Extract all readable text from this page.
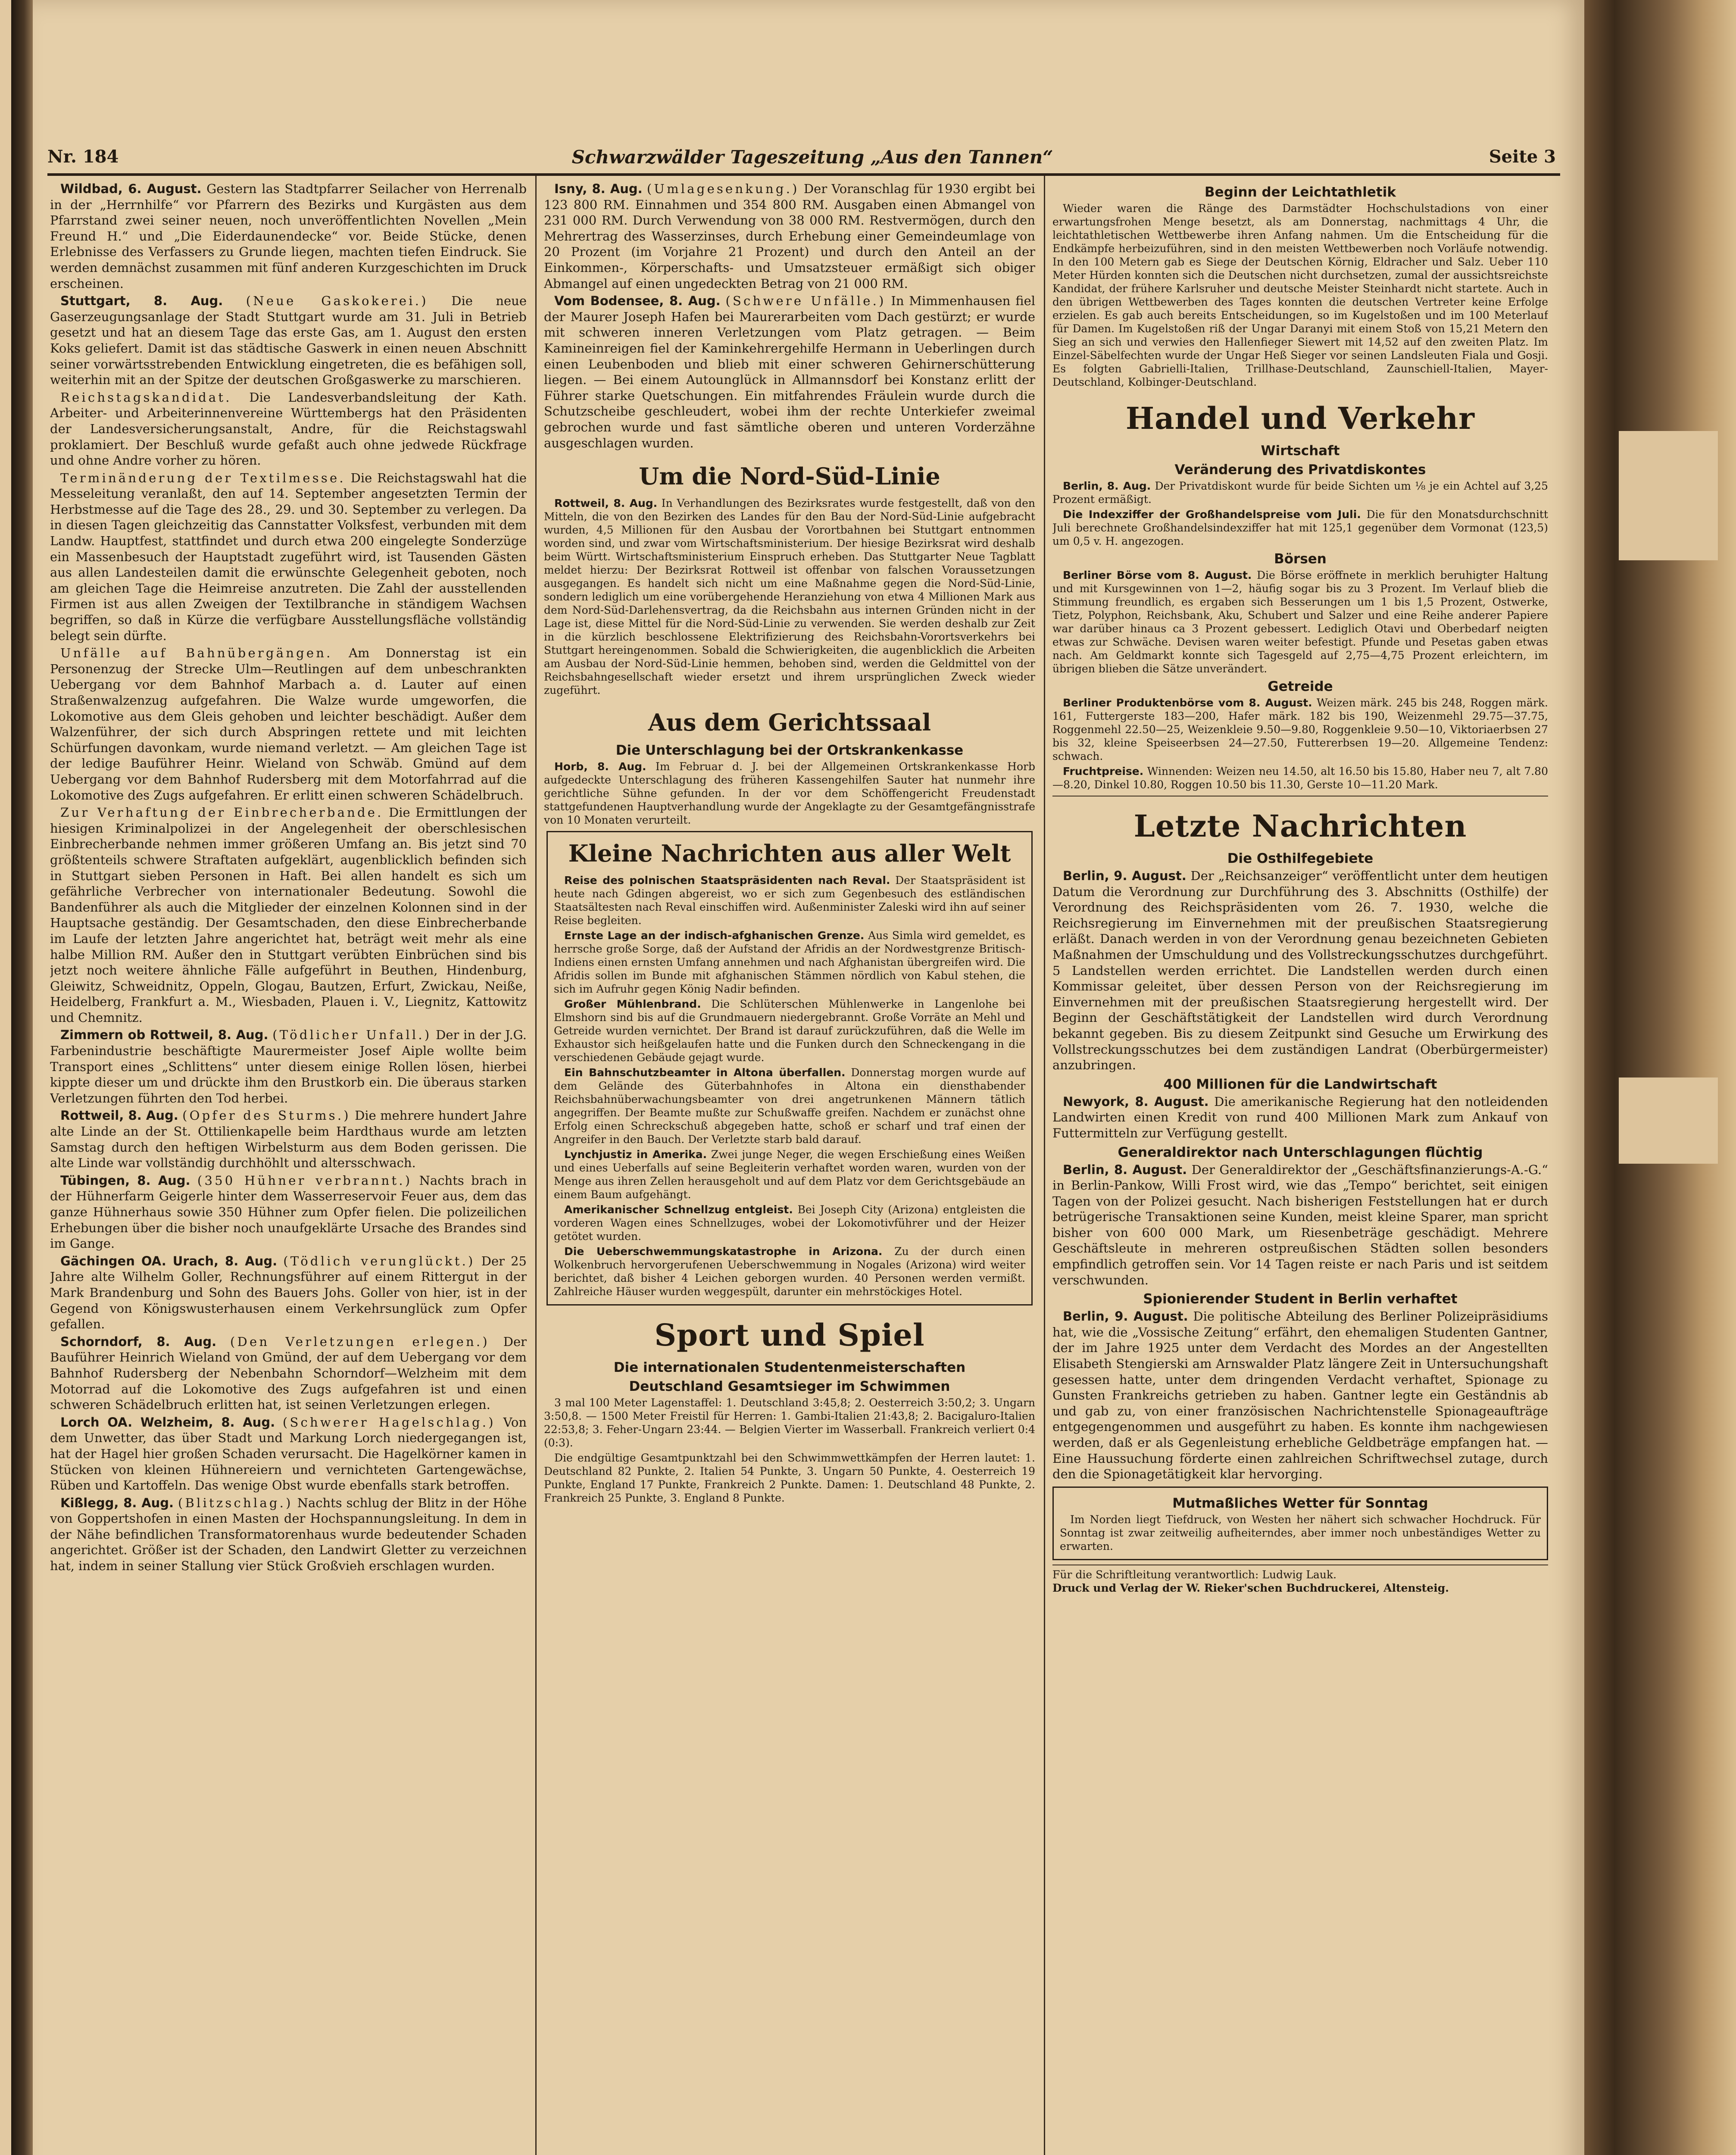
Nr. 184	Schwarzwälder Tageszeitung „Aus den Tannen“	Seite 3

Wildbad, 6. August. Gestern las Stadtpfarrer Seilacher von Herrenalb in der „Herrnhilfe“ vor Pfarrern des Bezirks und Kurgästen aus dem Pfarrstand zwei seiner neuen, noch unveröffentlichten Novellen „Mein Freund H.“ und „Die Eiderdaunendecke“ vor. Beide Stücke, denen Erlebnisse des Verfassers zu Grunde liegen, machten tiefen Eindruck. Sie werden demnächst zusammen mit fünf anderen Kurzgeschichten im Druck erscheinen.

Stuttgart, 8. Aug. (Neue Gaskokerei.) Die neue Gaserzeugungsanlage der Stadt Stuttgart wurde am 31. Juli in Betrieb gesetzt und hat an diesem Tage das erste Gas, am 1. August den ersten Koks geliefert. Damit ist das städtische Gaswerk in einen neuen Abschnitt seiner vorwärtsstrebenden Entwicklung eingetreten, die es befähigen soll, weiterhin mit an der Spitze der deutschen Großgaswerke zu marschieren.

Reichstagskandidat. Die Landesverbandsleitung der Kath. Arbeiter- und Arbeiterinnenvereine Württembergs hat den Präsidenten der Landesversicherungsanstalt, Andre, für die Reichstagswahl proklamiert. Der Beschluß wurde gefaßt auch ohne jedwede Rückfrage und ohne Andre vorher zu hören.

Terminänderung der Textilmesse. Die Reichstagswahl hat die Messeleitung veranlaßt, den auf 14. September angesetzten Termin der Herbstmesse auf die Tage des 28., 29. und 30. September zu verlegen. Da in diesen Tagen gleichzeitig das Cannstatter Volksfest, verbunden mit dem Landw. Hauptfest, stattfindet und durch etwa 200 eingelegte Sonderzüge ein Massenbesuch der Hauptstadt zugeführt wird, ist Tausenden Gästen aus allen Landesteilen damit die erwünschte Gelegenheit geboten, noch am gleichen Tage die Heimreise anzutreten. Die Zahl der ausstellenden Firmen ist aus allen Zweigen der Textilbranche in ständigem Wachsen begriffen, so daß in Kürze die verfügbare Ausstellungsfläche vollständig belegt sein dürfte.

Unfälle auf Bahnübergängen. Am Donnerstag ist ein Personenzug der Strecke Ulm—Reutlingen auf dem unbeschrankten Uebergang vor dem Bahnhof Marbach a. d. Lauter auf einen Straßenwalzenzug aufgefahren. Die Walze wurde umgeworfen, die Lokomotive aus dem Gleis gehoben und leichter beschädigt. Außer dem Walzenführer, der sich durch Abspringen rettete und mit leichten Schürfungen davonkam, wurde niemand verletzt. — Am gleichen Tage ist der ledige Bauführer Heinr. Wieland von Schwäb. Gmünd auf dem Uebergang vor dem Bahnhof Rudersberg mit dem Motorfahrrad auf die Lokomotive des Zugs aufgefahren. Er erlitt einen schweren Schädelbruch.

Zur Verhaftung der Einbrecherbande. Die Ermittlungen der hiesigen Kriminalpolizei in der Angelegenheit der oberschlesischen Einbrecherbande nehmen immer größeren Umfang an. Bis jetzt sind 70 größtenteils schwere Straftaten aufgeklärt, augenblicklich befinden sich in Stuttgart sieben Personen in Haft. Bei allen handelt es sich um gefährliche Verbrecher von internationaler Bedeutung. Sowohl die Bandenführer als auch die Mitglieder der einzelnen Kolonnen sind in der Hauptsache geständig. Der Gesamtschaden, den diese Einbrecherbande im Laufe der letzten Jahre angerichtet hat, beträgt weit mehr als eine halbe Million RM. Außer den in Stuttgart verübten Einbrüchen sind bis jetzt noch weitere ähnliche Fälle aufgeführt in Beuthen, Hindenburg, Gleiwitz, Schweidnitz, Oppeln, Glogau, Bautzen, Erfurt, Zwickau, Neiße, Heidelberg, Frankfurt a. M., Wiesbaden, Plauen i. V., Liegnitz, Kattowitz und Chemnitz.

Zimmern ob Rottweil, 8. Aug. (Tödlicher Unfall.) Der in der J.G. Farbenindustrie beschäftigte Maurermeister Josef Aiple wollte beim Transport eines „Schlittens“ unter diesem einige Rollen lösen, hierbei kippte dieser um und drückte ihm den Brustkorb ein. Die überaus starken Verletzungen führten den Tod herbei.

Rottweil, 8. Aug. (Opfer des Sturms.) Die mehrere hundert Jahre alte Linde an der St. Ottilienkapelle beim Hardthaus wurde am letzten Samstag durch den heftigen Wirbelsturm aus dem Boden gerissen. Die alte Linde war vollständig durchhöhlt und altersschwach.

Tübingen, 8. Aug. (350 Hühner verbrannt.) Nachts brach in der Hühnerfarm Geigerle hinter dem Wasserreservoir Feuer aus, dem das ganze Hühnerhaus sowie 350 Hühner zum Opfer fielen. Die polizeilichen Erhebungen über die bisher noch unaufgeklärte Ursache des Brandes sind im Gange.

Gächingen OA. Urach, 8. Aug. (Tödlich verunglückt.) Der 25 Jahre alte Wilhelm Goller, Rechnungsführer auf einem Rittergut in der Mark Brandenburg und Sohn des Bauers Johs. Goller von hier, ist in der Gegend von Königswusterhausen einem Verkehrsunglück zum Opfer gefallen.

Schorndorf, 8. Aug. (Den Verletzungen erlegen.) Der Bauführer Heinrich Wieland von Gmünd, der auf dem Uebergang vor dem Bahnhof Rudersberg der Nebenbahn Schorndorf—Welzheim mit dem Motorrad auf die Lokomotive des Zugs aufgefahren ist und einen schweren Schädelbruch erlitten hat, ist seinen Verletzungen erlegen.

Lorch OA. Welzheim, 8. Aug. (Schwerer Hagelschlag.) Von dem Unwetter, das über Stadt und Markung Lorch niedergegangen ist, hat der Hagel hier großen Schaden verursacht. Die Hagelkörner kamen in Stücken von kleinen Hühnereiern und vernichteten Gartengewächse, Rüben und Kartoffeln. Das wenige Obst wurde ebenfalls stark betroffen.

Kißlegg, 8. Aug. (Blitzschlag.) Nachts schlug der Blitz in der Höhe von Goppertshofen in einen Masten der Hochspannungsleitung. In dem in der Nähe befindlichen Transformatorenhaus wurde bedeutender Schaden angerichtet. Größer ist der Schaden, den Landwirt Gletter zu verzeichnen hat, indem in seiner Stallung vier Stück Großvieh erschlagen wurden.

Isny, 8. Aug. (Umlagesenkung.) Der Voranschlag für 1930 ergibt bei 123 800 RM. Einnahmen und 354 800 RM. Ausgaben einen Abmangel von 231 000 RM. Durch Verwendung von 38 000 RM. Restvermögen, durch den Mehrertrag des Wasserzinses, durch Erhebung einer Gemeindeumlage von 20 Prozent (im Vorjahre 21 Prozent) und durch den Anteil an der Einkommen-, Körperschafts- und Umsatzsteuer ermäßigt sich obiger Abmangel auf einen ungedeckten Betrag von 21 000 RM.

Vom Bodensee, 8. Aug. (Schwere Unfälle.) In Mimmenhausen fiel der Maurer Joseph Hafen bei Maurerarbeiten vom Dach gestürzt; er wurde mit schweren inneren Verletzungen vom Platz getragen. — Beim Kamineinreigen fiel der Kaminkehrergehilfe Hermann in Ueberlingen durch einen Leubenboden und blieb mit einer schweren Gehirnerschütterung liegen. — Bei einem Autounglück in Allmannsdorf bei Konstanz erlitt der Führer starke Quetschungen. Ein mitfahrendes Fräulein wurde durch die Schutzscheibe geschleudert, wobei ihm der rechte Unterkiefer zweimal gebrochen wurde und fast sämtliche oberen und unteren Vorderzähne ausgeschlagen wurden.

Um die Nord-Süd-Linie

Rottweil, 8. Aug. In Verhandlungen des Bezirksrates wurde festgestellt, daß von den Mitteln, die von den Bezirken des Landes für den Bau der Nord-Süd-Linie aufgebracht wurden, 4,5 Millionen für den Ausbau der Vorortbahnen bei Stuttgart entnommen worden sind, und zwar vom Wirtschaftsministerium. Der hiesige Bezirksrat wird deshalb beim Württ. Wirtschaftsministerium Einspruch erheben. Das Stuttgarter Neue Tagblatt meldet hierzu: Der Bezirksrat Rottweil ist offenbar von falschen Voraussetzungen ausgegangen. Es handelt sich nicht um eine Maßnahme gegen die Nord-Süd-Linie, sondern lediglich um eine vorübergehende Heranziehung von etwa 4 Millionen Mark aus dem Nord-Süd-Darlehensvertrag, da die Reichsbahn aus internen Gründen nicht in der Lage ist, diese Mittel für die Nord-Süd-Linie zu verwenden. Sie werden deshalb zur Zeit in die kürzlich beschlossene Elektrifizierung des Reichsbahn-Vorortsverkehrs bei Stuttgart hereingenommen. Sobald die Schwierigkeiten, die augenblicklich die Arbeiten am Ausbau der Nord-Süd-Linie hemmen, behoben sind, werden die Geldmittel von der Reichsbahngesellschaft wieder ersetzt und ihrem ursprünglichen Zweck wieder zugeführt.

Aus dem Gerichtssaal
Die Unterschlagung bei der Ortskrankenkasse

Horb, 8. Aug. Im Februar d. J. bei der Allgemeinen Ortskrankenkasse Horb aufgedeckte Unterschlagung des früheren Kassengehilfen Sauter hat nunmehr ihre gerichtliche Sühne gefunden. In der vor dem Schöffengericht Freudenstadt stattgefundenen Hauptverhandlung wurde der Angeklagte zu der Gesamtgefängnisstrafe von 10 Monaten verurteilt.

Kleine Nachrichten aus aller Welt

Reise des polnischen Staatspräsidenten nach Reval. Der Staatspräsident ist heute nach Gdingen abgereist, wo er sich zum Gegenbesuch des estländischen Staatsältesten nach Reval einschiffen wird. Außenminister Zaleski wird ihn auf seiner Reise begleiten.

Ernste Lage an der indisch-afghanischen Grenze. Aus Simla wird gemeldet, es herrsche große Sorge, daß der Aufstand der Afridis an der Nordwestgrenze Britisch-Indiens einen ernsten Umfang annehmen und nach Afghanistan übergreifen wird. Die Afridis sollen im Bunde mit afghanischen Stämmen nördlich von Kabul stehen, die sich im Aufruhr gegen König Nadir befinden.

Großer Mühlenbrand. Die Schlüterschen Mühlenwerke in Langenlohe bei Elmshorn sind bis auf die Grundmauern niedergebrannt. Große Vorräte an Mehl und Getreide wurden vernichtet. Der Brand ist darauf zurückzuführen, daß die Welle im Exhaustor sich heißgelaufen hatte und die Funken durch den Schneckengang in die verschiedenen Gebäude gejagt wurde.

Ein Bahnschutzbeamter in Altona überfallen. Donnerstag morgen wurde auf dem Gelände des Güterbahnhofes in Altona ein diensthabender Reichsbahnüberwachungsbeamter von drei angetrunkenen Männern tätlich angegriffen. Der Beamte mußte zur Schußwaffe greifen. Nachdem er zunächst ohne Erfolg einen Schreckschuß abgegeben hatte, schoß er scharf und traf einen der Angreifer in den Bauch. Der Verletzte starb bald darauf.

Lynchjustiz in Amerika. Zwei junge Neger, die wegen Erschießung eines Weißen und eines Ueberfalls auf seine Begleiterin verhaftet worden waren, wurden von der Menge aus ihren Zellen herausgeholt und auf dem Platz vor dem Gerichtsgebäude an einem Baum aufgehängt.

Amerikanischer Schnellzug entgleist. Bei Joseph City (Arizona) entgleisten die vorderen Wagen eines Schnellzuges, wobei der Lokomotivführer und der Heizer getötet wurden.

Die Ueberschwemmungskatastrophe in Arizona. Zu der durch einen Wolkenbruch hervorgerufenen Ueberschwemmung in Nogales (Arizona) wird weiter berichtet, daß bisher 4 Leichen geborgen wurden. 40 Personen werden vermißt. Zahlreiche Häuser wurden weggespült, darunter ein mehrstöckiges Hotel.

Sport und Spiel
Die internationalen Studentenmeisterschaften
Deutschland Gesamtsieger im Schwimmen

3 mal 100 Meter Lagenstaffel: 1. Deutschland 3:45,8; 2. Oesterreich 3:50,2; 3. Ungarn 3:50,8. — 1500 Meter Freistil für Herren: 1. Gambi-Italien 21:43,8; 2. Bacigaluro-Italien 22:53,8; 3. Feher-Ungarn 23:44. — Belgien Vierter im Wasserball. Frankreich verliert 0:4 (0:3).

Die endgültige Gesamtpunktzahl bei den Schwimmwettkämpfen der Herren lautet: 1. Deutschland 82 Punkte, 2. Italien 54 Punkte, 3. Ungarn 50 Punkte, 4. Oesterreich 19 Punkte, England 17 Punkte, Frankreich 2 Punkte. Damen: 1. Deutschland 48 Punkte, 2. Frankreich 25 Punkte, 3. England 8 Punkte.

Beginn der Leichtathletik

Wieder waren die Ränge des Darmstädter Hochschulstadions von einer erwartungsfrohen Menge besetzt, als am Donnerstag, nachmittags 4 Uhr, die leichtathletischen Wettbewerbe ihren Anfang nahmen. Um die Entscheidung für die Endkämpfe herbeizuführen, sind in den meisten Wettbewerben noch Vorläufe notwendig. In den 100 Metern gab es Siege der Deutschen Körnig, Eldracher und Salz. Ueber 110 Meter Hürden konnten sich die Deutschen nicht durchsetzen, zumal der aussichtsreichste Kandidat, der frühere Karlsruher und deutsche Meister Steinhardt nicht startete. Auch in den übrigen Wettbewerben des Tages konnten die deutschen Vertreter keine Erfolge erzielen. Es gab auch bereits Entscheidungen, so im Kugelstoßen und im 100 Meterlauf für Damen. Im Kugelstoßen riß der Ungar Daranyi mit einem Stoß von 15,21 Metern den Sieg an sich und verwies den Hallenfieger Siewert mit 14,52 auf den zweiten Platz. Im Einzel-Säbelfechten wurde der Ungar Heß Sieger vor seinen Landsleuten Fiala und Gosji. Es folgten Gabrielli-Italien, Trillhase-Deutschland, Zaunschiell-Italien, Mayer-Deutschland, Kolbinger-Deutschland.

Handel und Verkehr
Wirtschaft
Veränderung des Privatdiskontes

Berlin, 8. Aug. Der Privatdiskont wurde für beide Sichten um ⅛ je ein Achtel auf 3,25 Prozent ermäßigt.

Die Indexziffer der Großhandelspreise vom Juli. Die für den Monatsdurchschnitt Juli berechnete Großhandelsindexziffer hat mit 125,1 gegenüber dem Vormonat (123,5) um 0,5 v. H. angezogen.

Börsen

Berliner Börse vom 8. August. Die Börse eröffnete in merklich beruhigter Haltung und mit Kursgewinnen von 1—2, häufig sogar bis zu 3 Prozent. Im Verlauf blieb die Stimmung freundlich, es ergaben sich Besserungen um 1 bis 1,5 Prozent, Ostwerke, Tietz, Polyphon, Reichsbank, Aku, Schubert und Salzer und eine Reihe anderer Papiere war darüber hinaus ca 3 Prozent gebessert. Lediglich Otavi und Oberbedarf neigten etwas zur Schwäche. Devisen waren weiter befestigt. Pfunde und Pesetas gaben etwas nach. Am Geldmarkt konnte sich Tagesgeld auf 2,75—4,75 Prozent erleichtern, im übrigen blieben die Sätze unverändert.

Getreide

Berliner Produktenbörse vom 8. August. Weizen märk. 245 bis 248, Roggen märk. 161, Futtergerste 183—200, Hafer märk. 182 bis 190, Weizenmehl 29.75—37.75, Roggenmehl 22.50—25, Weizenkleie 9.50—9.80, Roggenkleie 9.50—10, Viktoriaerbsen 27 bis 32, kleine Speiseerbsen 24—27.50, Futtererbsen 19—20. Allgemeine Tendenz: schwach.

Fruchtpreise. Winnenden: Weizen neu 14.50, alt 16.50 bis 15.80, Haber neu 7, alt 7.80—8.20, Dinkel 10.80, Roggen 10.50 bis 11.30, Gerste 10—11.20 Mark.

Letzte Nachrichten
Die Osthilfegebiete

Berlin, 9. August. Der „Reichsanzeiger“ veröffentlicht unter dem heutigen Datum die Verordnung zur Durchführung des 3. Abschnitts (Osthilfe) der Verordnung des Reichspräsidenten vom 26. 7. 1930, welche die Reichsregierung im Einvernehmen mit der preußischen Staatsregierung erläßt. Danach werden in von der Verordnung genau bezeichneten Gebieten Maßnahmen der Umschuldung und des Vollstreckungsschutzes durchgeführt. 5 Landstellen werden errichtet. Die Landstellen werden durch einen Kommissar geleitet, über dessen Person von der Reichsregierung im Einvernehmen mit der preußischen Staatsregierung hergestellt wird. Der Beginn der Geschäftstätigkeit der Landstellen wird durch Verordnung bekannt gegeben. Bis zu diesem Zeitpunkt sind Gesuche um Erwirkung des Vollstreckungsschutzes bei dem zuständigen Landrat (Oberbürgermeister) anzubringen.

400 Millionen für die Landwirtschaft

Newyork, 8. August. Die amerikanische Regierung hat den notleidenden Landwirten einen Kredit von rund 400 Millionen Mark zum Ankauf von Futtermitteln zur Verfügung gestellt.

Generaldirektor nach Unterschlagungen flüchtig

Berlin, 8. August. Der Generaldirektor der „Geschäftsfinanzierungs-A.-G.“ in Berlin-Pankow, Willi Frost wird, wie das „Tempo“ berichtet, seit einigen Tagen von der Polizei gesucht. Nach bisherigen Feststellungen hat er durch betrügerische Transaktionen seine Kunden, meist kleine Sparer, man spricht bisher von 600 000 Mark, um Riesenbeträge geschädigt. Mehrere Geschäftsleute in mehreren ostpreußischen Städten sollen besonders empfindlich getroffen sein. Vor 14 Tagen reiste er nach Paris und ist seitdem verschwunden.

Spionierender Student in Berlin verhaftet

Berlin, 9. August. Die politische Abteilung des Berliner Polizeipräsidiums hat, wie die „Vossische Zeitung“ erfährt, den ehemaligen Studenten Gantner, der im Jahre 1925 unter dem Verdacht des Mordes an der Angestellten Elisabeth Stengierski am Arnswalder Platz längere Zeit in Untersuchungshaft gesessen hatte, unter dem dringenden Verdacht verhaftet, Spionage zu Gunsten Frankreichs getrieben zu haben. Gantner legte ein Geständnis ab und gab zu, von einer französischen Nachrichtenstelle Spionageaufträge entgegengenommen und ausgeführt zu haben. Es konnte ihm nachgewiesen werden, daß er als Gegenleistung erhebliche Geldbeträge empfangen hat. — Eine Haussuchung förderte einen zahlreichen Schriftwechsel zutage, durch den die Spionagetätigkeit klar hervorging.

Mutmaßliches Wetter für Sonntag

Im Norden liegt Tiefdruck, von Westen her nähert sich schwacher Hochdruck. Für Sonntag ist zwar zeitweilig aufheiterndes, aber immer noch unbeständiges Wetter zu erwarten.

Für die Schriftleitung verantwortlich: Ludwig Lauk.
Druck und Verlag der W. Rieker'schen Buchdruckerei, Altensteig.
